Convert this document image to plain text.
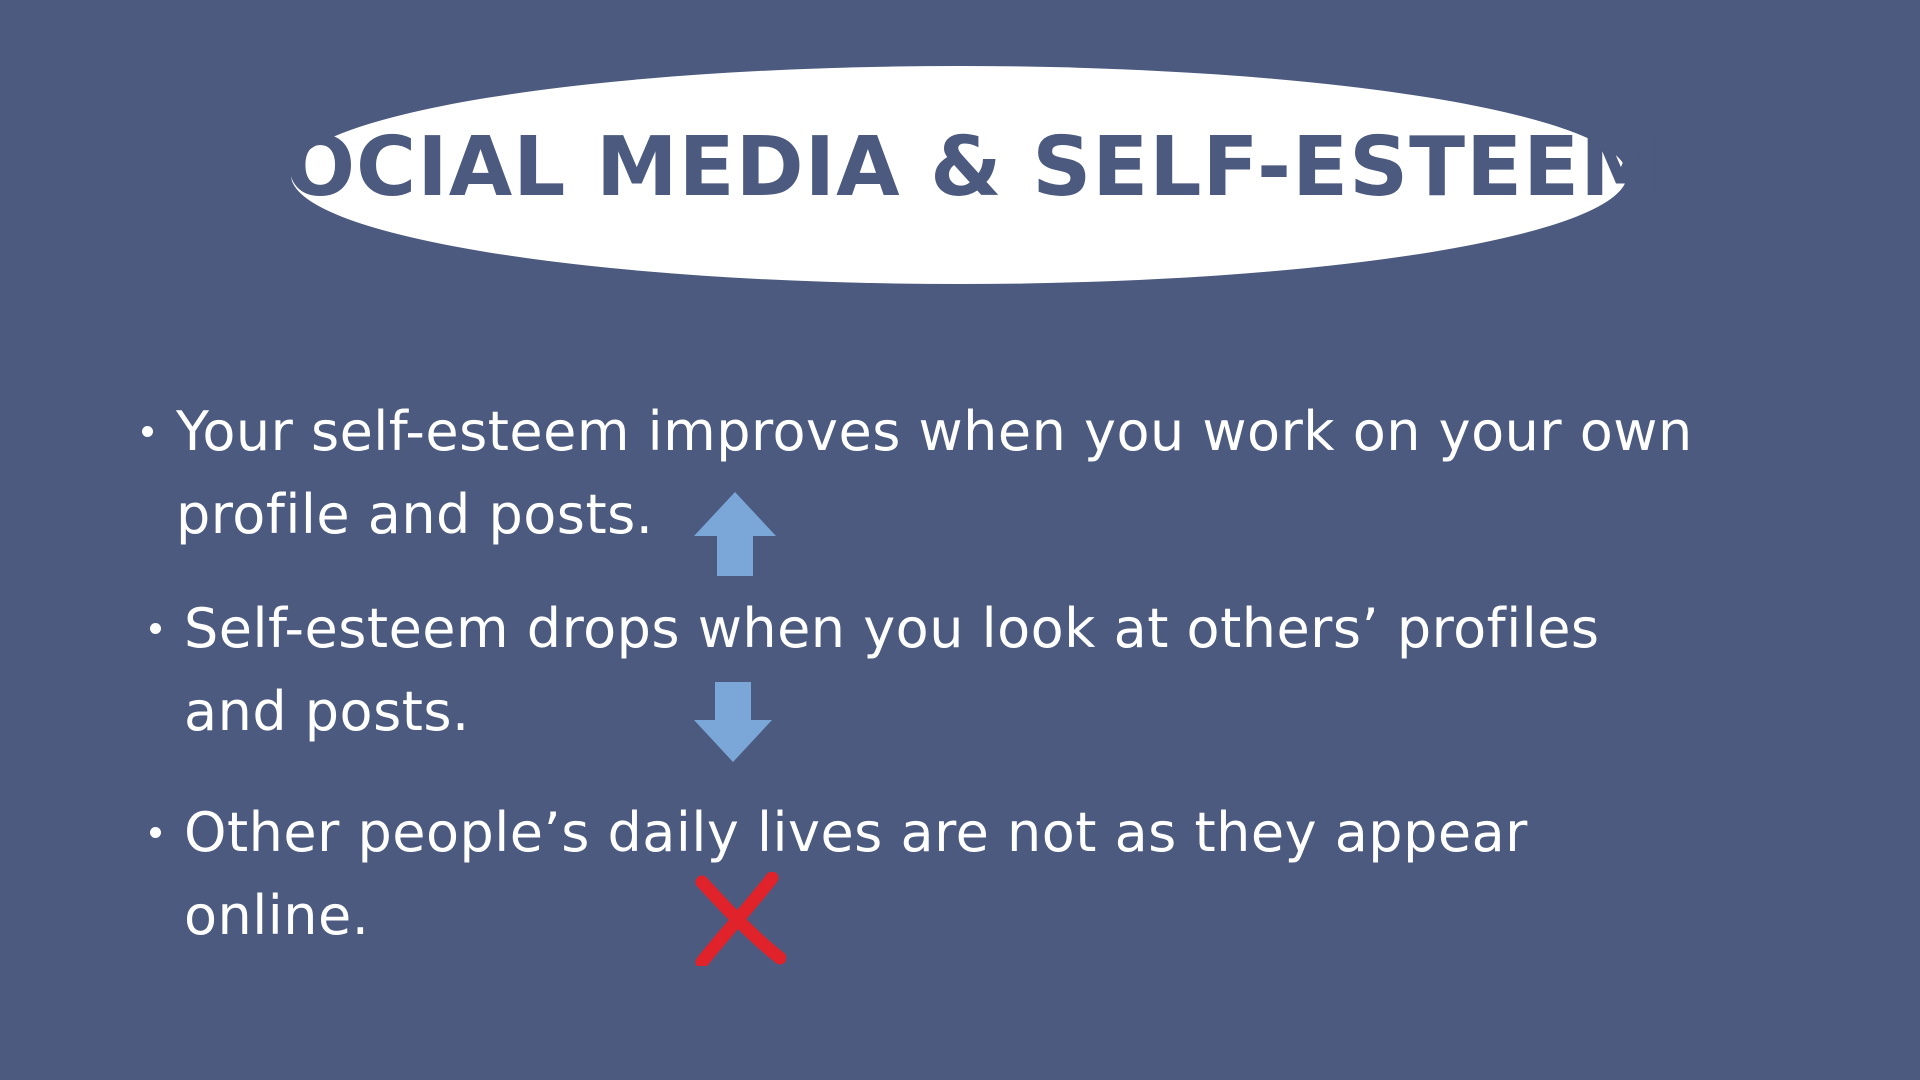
SOCIAL MEDIA & SELF-ESTEEM
Your self-esteem improves when you work on your own
profile and posts.
Self-esteem drops when you look at others’ profiles
and posts.
Other people’s daily lives are not as they appear
online.
